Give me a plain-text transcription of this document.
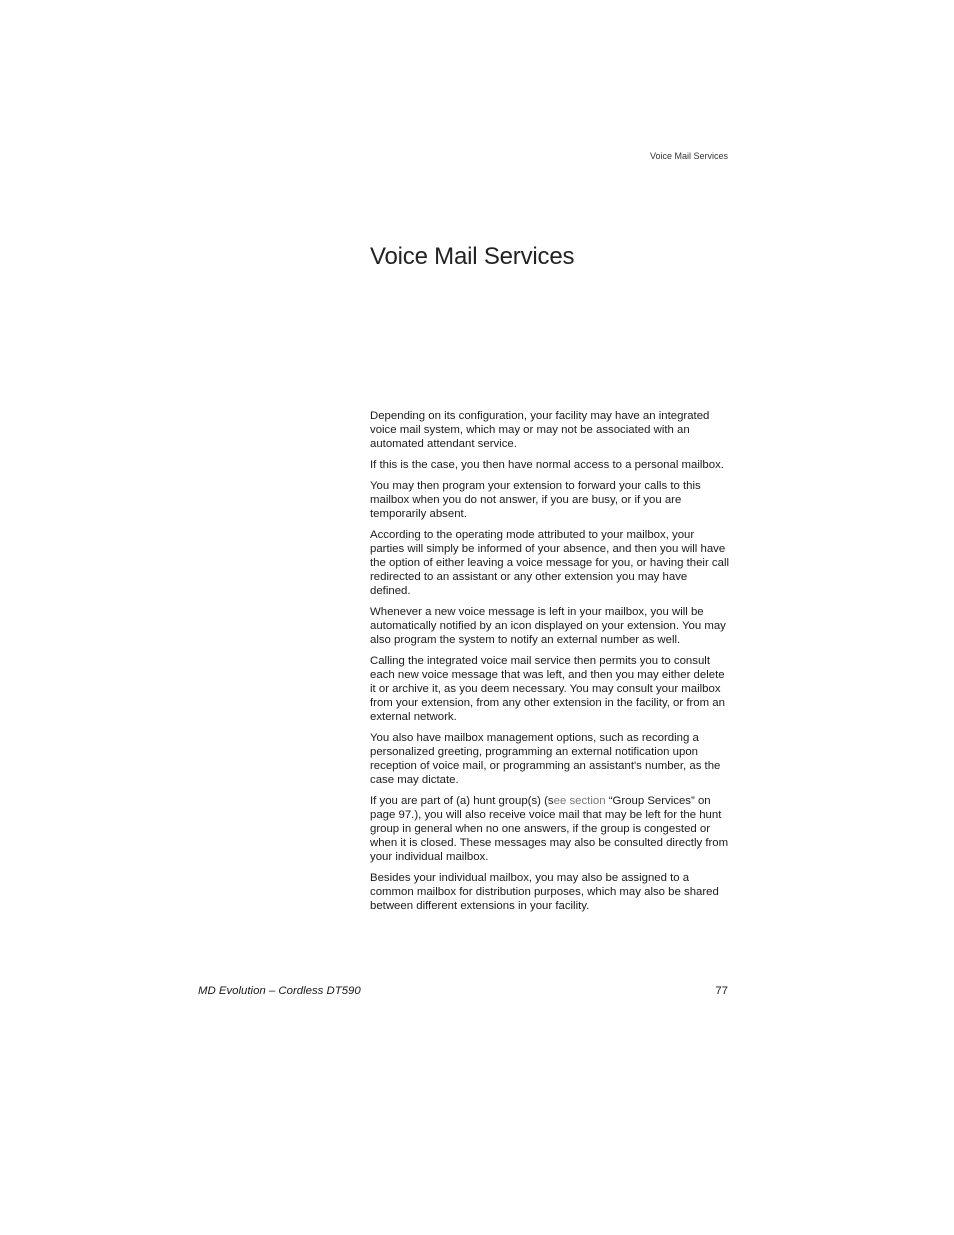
Voice Mail Services
Voice Mail Services

Depending on its configuration, your facility may have an integrated voice mail system, which may or may not be associated with an automated attendant service.

If this is the case, you then have normal access to a personal mailbox.

You may then program your extension to forward your calls to this mailbox when you do not answer, if you are busy, or if you are temporarily absent.

According to the operating mode attributed to your mailbox, your parties will simply be informed of your absence, and then you will have the option of either leaving a voice message for you, or having their call redirected to an assistant or any other extension you may have defined.

Whenever a new voice message is left in your mailbox, you will be automatically notified by an icon displayed on your extension. You may also program the system to notify an external number as well.

Calling the integrated voice mail service then permits you to consult each new voice message that was left, and then you may either delete it or archive it, as you deem necessary. You may consult your mailbox from your extension, from any other extension in the facility, or from an external network.

You also have mailbox management options, such as recording a personalized greeting, programming an external notification upon reception of voice mail, or programming an assistant's number, as the case may dictate.

If you are part of (a) hunt group(s) (see section “Group Services” on page 97.), you will also receive voice mail that may be left for the hunt group in general when no one answers, if the group is congested or when it is closed. These messages may also be consulted directly from your individual mailbox.

Besides your individual mailbox, you may also be assigned to a common mailbox for distribution purposes, which may also be shared between different extensions in your facility.

MD Evolution – Cordless DT590	77
